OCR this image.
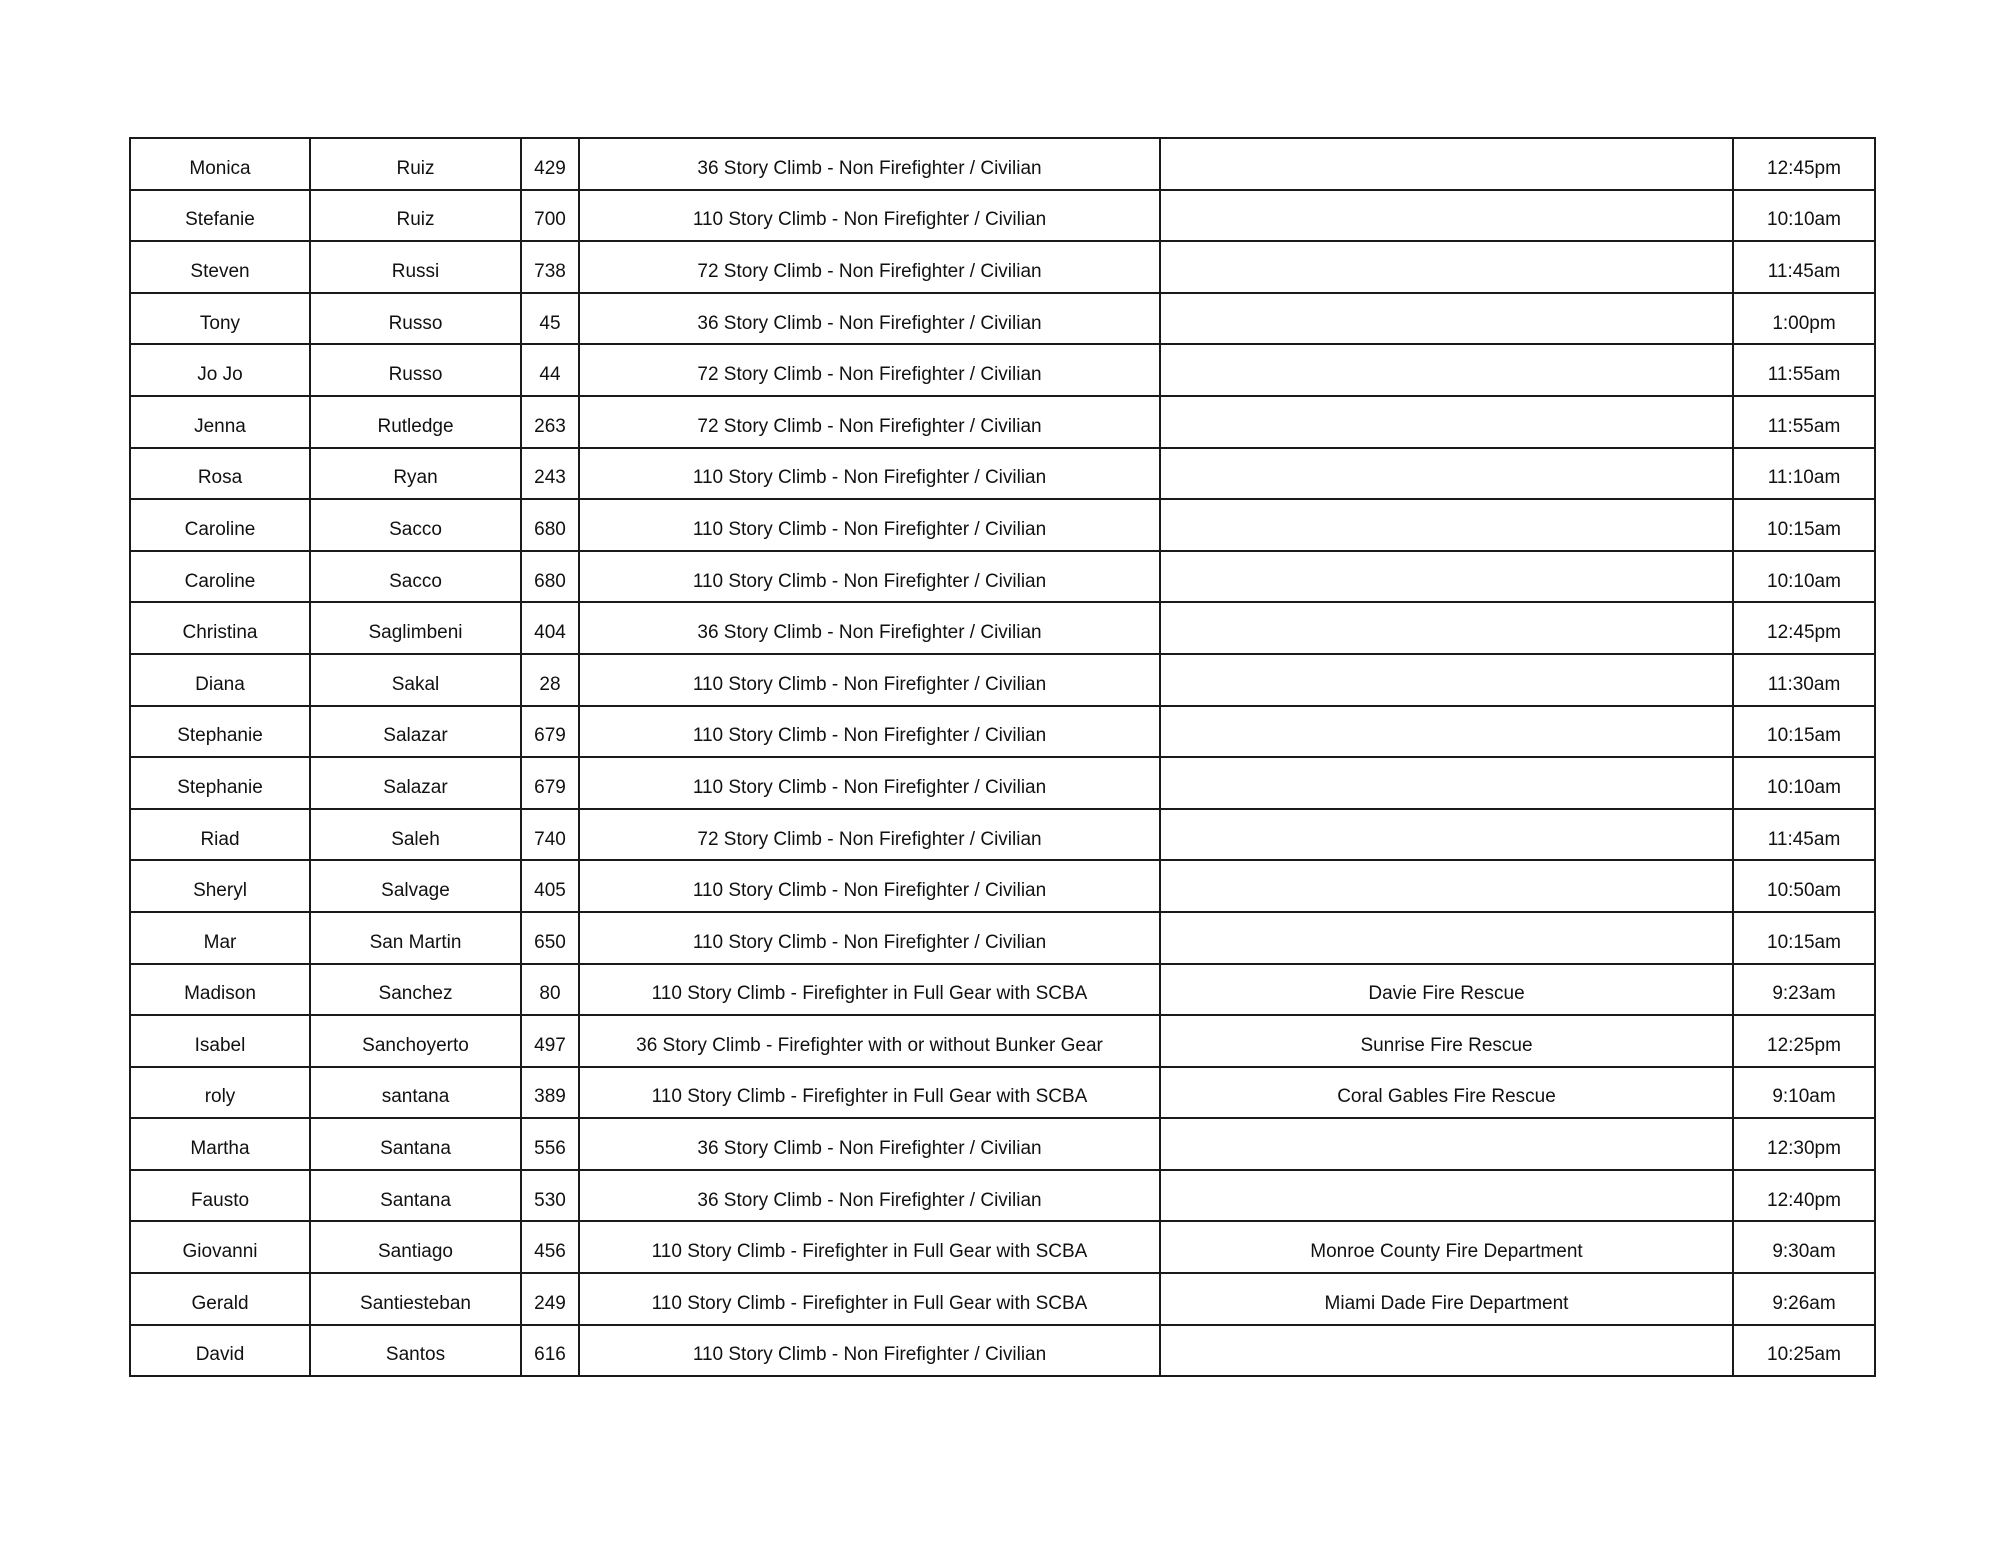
Monica	Ruiz	429	36 Story Climb - Non Firefighter / Civilian		12:45pm
Stefanie	Ruiz	700	110 Story Climb - Non Firefighter / Civilian		10:10am
Steven	Russi	738	72 Story Climb - Non Firefighter / Civilian		11:45am
Tony	Russo	45	36 Story Climb - Non Firefighter / Civilian		1:00pm
Jo Jo	Russo	44	72 Story Climb - Non Firefighter / Civilian		11:55am
Jenna	Rutledge	263	72 Story Climb - Non Firefighter / Civilian		11:55am
Rosa	Ryan	243	110 Story Climb - Non Firefighter / Civilian		11:10am
Caroline	Sacco	680	110 Story Climb - Non Firefighter / Civilian		10:15am
Caroline	Sacco	680	110 Story Climb - Non Firefighter / Civilian		10:10am
Christina	Saglimbeni	404	36 Story Climb - Non Firefighter / Civilian		12:45pm
Diana	Sakal	28	110 Story Climb - Non Firefighter / Civilian		11:30am
Stephanie	Salazar	679	110 Story Climb - Non Firefighter / Civilian		10:15am
Stephanie	Salazar	679	110 Story Climb - Non Firefighter / Civilian		10:10am
Riad	Saleh	740	72 Story Climb - Non Firefighter / Civilian		11:45am
Sheryl	Salvage	405	110 Story Climb - Non Firefighter / Civilian		10:50am
Mar	San Martin	650	110 Story Climb - Non Firefighter / Civilian		10:15am
Madison	Sanchez	80	110 Story Climb - Firefighter in Full Gear with SCBA	Davie Fire Rescue	9:23am
Isabel	Sanchoyerto	497	36 Story Climb - Firefighter with or without Bunker Gear	Sunrise Fire Rescue	12:25pm
roly	santana	389	110 Story Climb - Firefighter in Full Gear with SCBA	Coral Gables Fire Rescue	9:10am
Martha	Santana	556	36 Story Climb - Non Firefighter / Civilian		12:30pm
Fausto	Santana	530	36 Story Climb - Non Firefighter / Civilian		12:40pm
Giovanni	Santiago	456	110 Story Climb - Firefighter in Full Gear with SCBA	Monroe County Fire Department	9:30am
Gerald	Santiesteban	249	110 Story Climb - Firefighter in Full Gear with SCBA	Miami Dade Fire Department	9:26am
David	Santos	616	110 Story Climb - Non Firefighter / Civilian		10:25am
